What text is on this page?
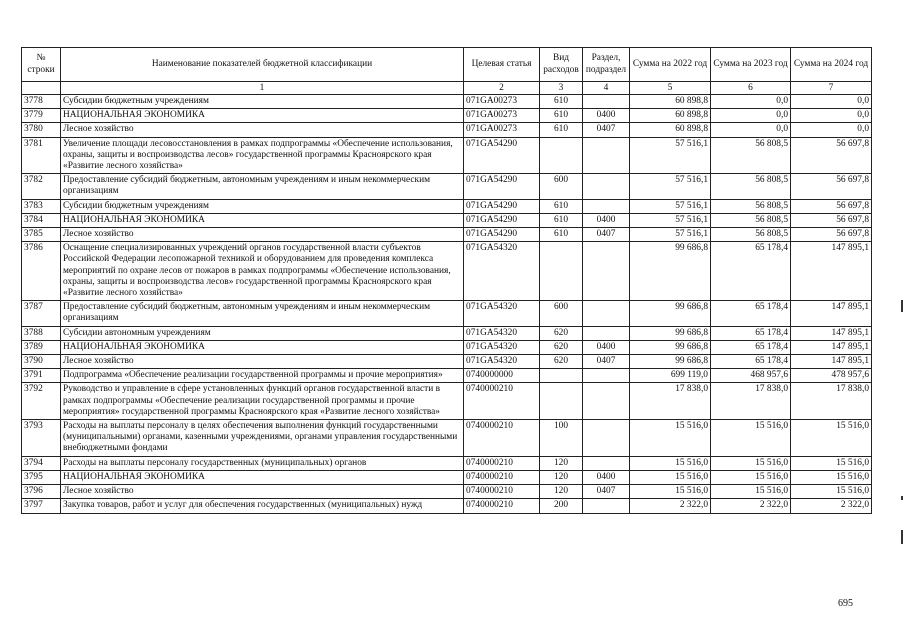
№ строки	Наименование показателей бюджетной классификации	Целевая статья	Вид расходов	Раздел, подраздел	Сумма на 2022 год	Сумма на 2023 год	Сумма на 2024 год
	1	2	3	4	5	6	7
3778	Субсидии бюджетным учреждениям	071GA00273	610		60 898,8	0,0	0,0
3779	НАЦИОНАЛЬНАЯ ЭКОНОМИКА	071GA00273	610	0400	60 898,8	0,0	0,0
3780	Лесное хозяйство	071GA00273	610	0407	60 898,8	0,0	0,0
3781	Увеличение площади лесовосстановления в рамках подпрограммы «Обеспечение использования, охраны, защиты и воспроизводства лесов» государственной программы Красноярского края «Развитие лесного хозяйства»	071GA54290			57 516,1	56 808,5	56 697,8
3782	Предоставление субсидий бюджетным, автономным учреждениям и иным некоммерческим организациям	071GA54290	600		57 516,1	56 808,5	56 697,8
3783	Субсидии бюджетным учреждениям	071GA54290	610		57 516,1	56 808,5	56 697,8
3784	НАЦИОНАЛЬНАЯ ЭКОНОМИКА	071GA54290	610	0400	57 516,1	56 808,5	56 697,8
3785	Лесное хозяйство	071GA54290	610	0407	57 516,1	56 808,5	56 697,8
3786	Оснащение специализированных учреждений органов государственной власти субъектов Российской Федерации лесопожарной техникой и оборудованием для проведения комплекса мероприятий по охране лесов от пожаров в рамках подпрограммы «Обеспечение использования, охраны, защиты и воспроизводства лесов» государственной программы Красноярского края «Развитие лесного хозяйства»	071GA54320			99 686,8	65 178,4	147 895,1
3787	Предоставление субсидий бюджетным, автономным учреждениям и иным некоммерческим организациям	071GA54320	600		99 686,8	65 178,4	147 895,1
3788	Субсидии автономным учреждениям	071GA54320	620		99 686,8	65 178,4	147 895,1
3789	НАЦИОНАЛЬНАЯ ЭКОНОМИКА	071GA54320	620	0400	99 686,8	65 178,4	147 895,1
3790	Лесное хозяйство	071GA54320	620	0407	99 686,8	65 178,4	147 895,1
3791	Подпрограмма «Обеспечение реализации государственной программы и прочие мероприятия»	0740000000			699 119,0	468 957,6	478 957,6
3792	Руководство и управление в сфере установленных функций органов государственной власти в рамках подпрограммы «Обеспечение реализации государственной программы и прочие мероприятия» государственной программы Красноярского края «Развитие лесного хозяйства»	0740000210			17 838,0	17 838,0	17 838,0
3793	Расходы на выплаты персоналу в целях обеспечения выполнения функций государственными (муниципальными) органами, казенными учреждениями, органами управления государственными внебюджетными фондами	0740000210	100		15 516,0	15 516,0	15 516,0
3794	Расходы на выплаты персоналу государственных (муниципальных) органов	0740000210	120		15 516,0	15 516,0	15 516,0
3795	НАЦИОНАЛЬНАЯ ЭКОНОМИКА	0740000210	120	0400	15 516,0	15 516,0	15 516,0
3796	Лесное хозяйство	0740000210	120	0407	15 516,0	15 516,0	15 516,0
3797	Закупка товаров, работ и услуг для обеспечения государственных (муниципальных) нужд	0740000210	200		2 322,0	2 322,0	2 322,0
695
